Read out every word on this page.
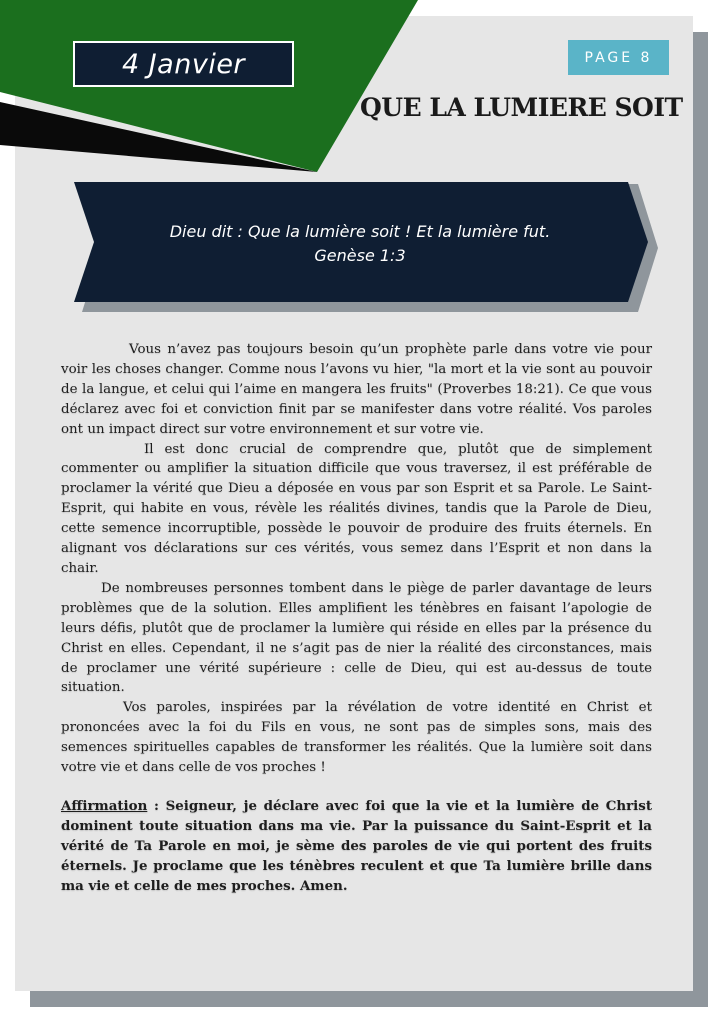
4 Janvier	PAGE 8
QUE LA LUMIERE SOIT
Dieu dit : Que la lumière soit ! Et la lumière fut.
Genèse 1:3

Vous n’avez pas toujours besoin qu’un prophète parle dans votre vie pour voir les choses changer. Comme nous l’avons vu hier, "la mort et la vie sont au pouvoir de la langue, et celui qui l’aime en mangera les fruits" (Proverbes 18:21). Ce que vous déclarez avec foi et conviction finit par se manifester dans votre réalité. Vos paroles ont un impact direct sur votre environnement et sur votre vie.

Il est donc crucial de comprendre que, plutôt que de simplement commenter ou amplifier la situation difficile que vous traversez, il est préférable de proclamer la vérité que Dieu a déposée en vous par son Esprit et sa Parole. Le Saint-Esprit, qui habite en vous, révèle les réalités divines, tandis que la Parole de Dieu, cette semence incorruptible, possède le pouvoir de produire des fruits éternels. En alignant vos déclarations sur ces vérités, vous semez dans l’Esprit et non dans la chair.

De nombreuses personnes tombent dans le piège de parler davantage de leurs problèmes que de la solution. Elles amplifient les ténèbres en faisant l’apologie de leurs défis, plutôt que de proclamer la lumière qui réside en elles par la présence du Christ en elles. Cependant, il ne s’agit pas de nier la réalité des circonstances, mais de proclamer une vérité supérieure : celle de Dieu, qui est au-dessus de toute situation.

Vos paroles, inspirées par la révélation de votre identité en Christ et prononcées avec la foi du Fils en vous, ne sont pas de simples sons, mais des semences spirituelles capables de transformer les réalités. Que la lumière soit dans votre vie et dans celle de vos proches !

Affirmation : Seigneur, je déclare avec foi que la vie et la lumière de Christ dominent toute situation dans ma vie. Par la puissance du Saint-Esprit et la vérité de Ta Parole en moi, je sème des paroles de vie qui portent des fruits éternels. Je proclame que les ténèbres reculent et que Ta lumière brille dans ma vie et celle de mes proches. Amen.
